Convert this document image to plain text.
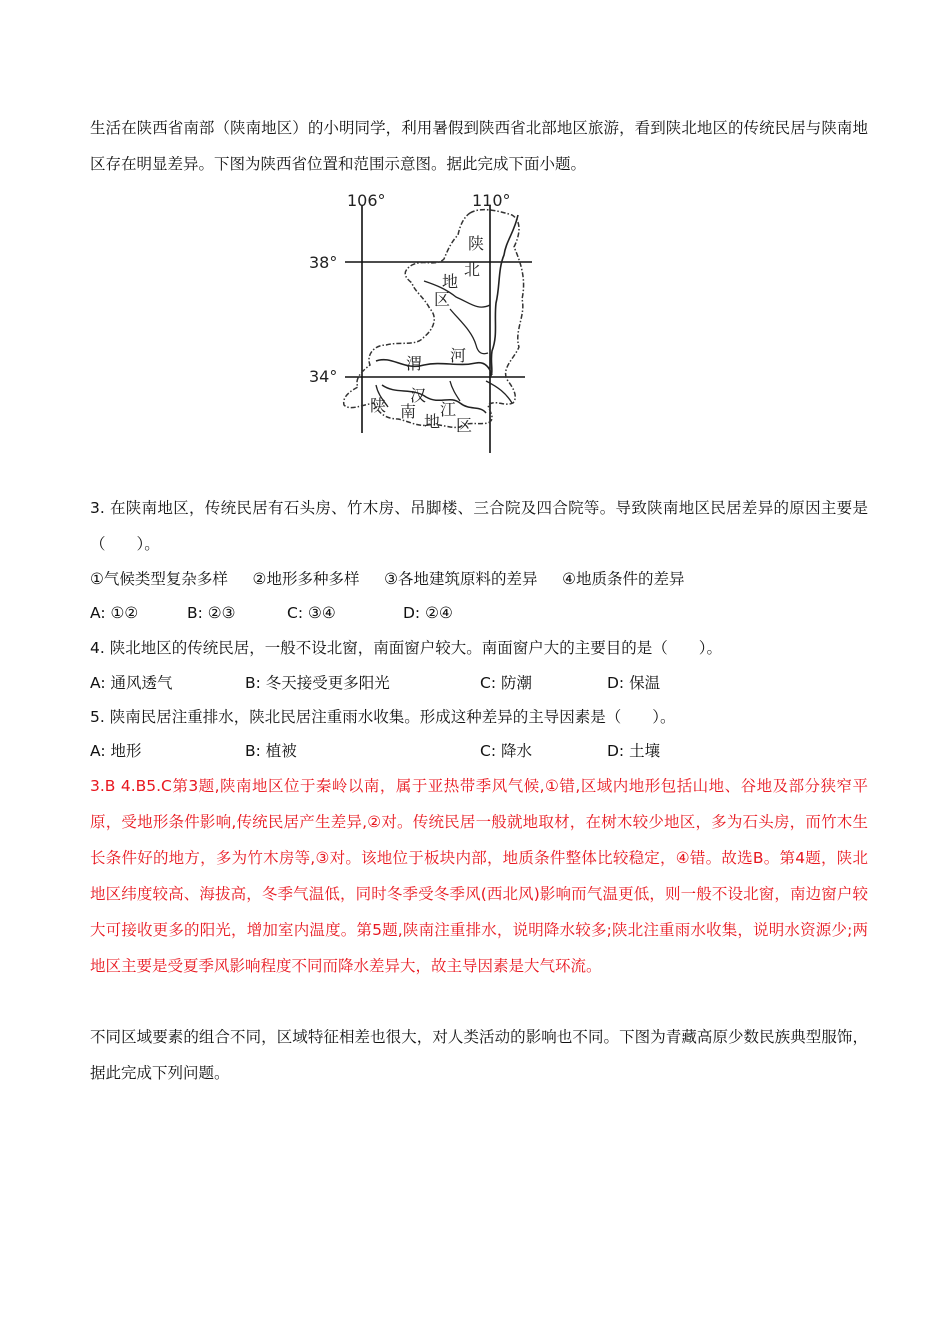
生活在陕西省南部（陕南地区）的小明同学，利用暑假到陕西省北部地区旅游，看到陕北地区的传统民居与陕南地区存在明显差异。下图为陕西省位置和范围示意图。据此完成下面小题。

106°	110°
38°
34°
陕
北
地
区
渭 河
陕
汉
南 江
地 区

3. 在陕南地区，传统民居有石头房、竹木房、吊脚楼、三合院及四合院等。导致陕南地区民居差异的原因主要是（　　）。

①气候类型复杂多样 ②地形多种多样 ③各地建筑原料的差异 ④地质条件的差异
A: ①②	B: ②③	C: ③④	D: ②④
4. 陕北地区的传统民居，一般不设北窗，南面窗户较大。南面窗户大的主要目的是（　　）。
A: 通风透气	B: 冬天接受更多阳光	C: 防潮	D: 保温
5. 陕南民居注重排水，陕北民居注重雨水收集。形成这种差异的主导因素是（　　）。
A: 地形	B: 植被	C: 降水	D: 土壤

3.B 4.B5.C第3题,陕南地区位于秦岭以南，属于亚热带季风气候,①错,区域内地形包括山地、谷地及部分狭窄平原，受地形条件影响,传统民居产生差异,②对。传统民居一般就地取材，在树木较少地区，多为石头房，而竹木生长条件好的地方，多为竹木房等,③对。该地位于板块内部，地质条件整体比较稳定，④错。故选B。第4题，陕北地区纬度较高、海拔高，冬季气温低，同时冬季受冬季风(西北风)影响而气温更低，则一般不设北窗，南边窗户较大可接收更多的阳光，增加室内温度。第5题,陕南注重排水，说明降水较多;陕北注重雨水收集，说明水资源少;两地区主要是受夏季风影响程度不同而降水差异大，故主导因素是大气环流。

不同区域要素的组合不同，区域特征相差也很大，对人类活动的影响也不同。下图为青藏高原少数民族典型服饰，据此完成下列问题。
